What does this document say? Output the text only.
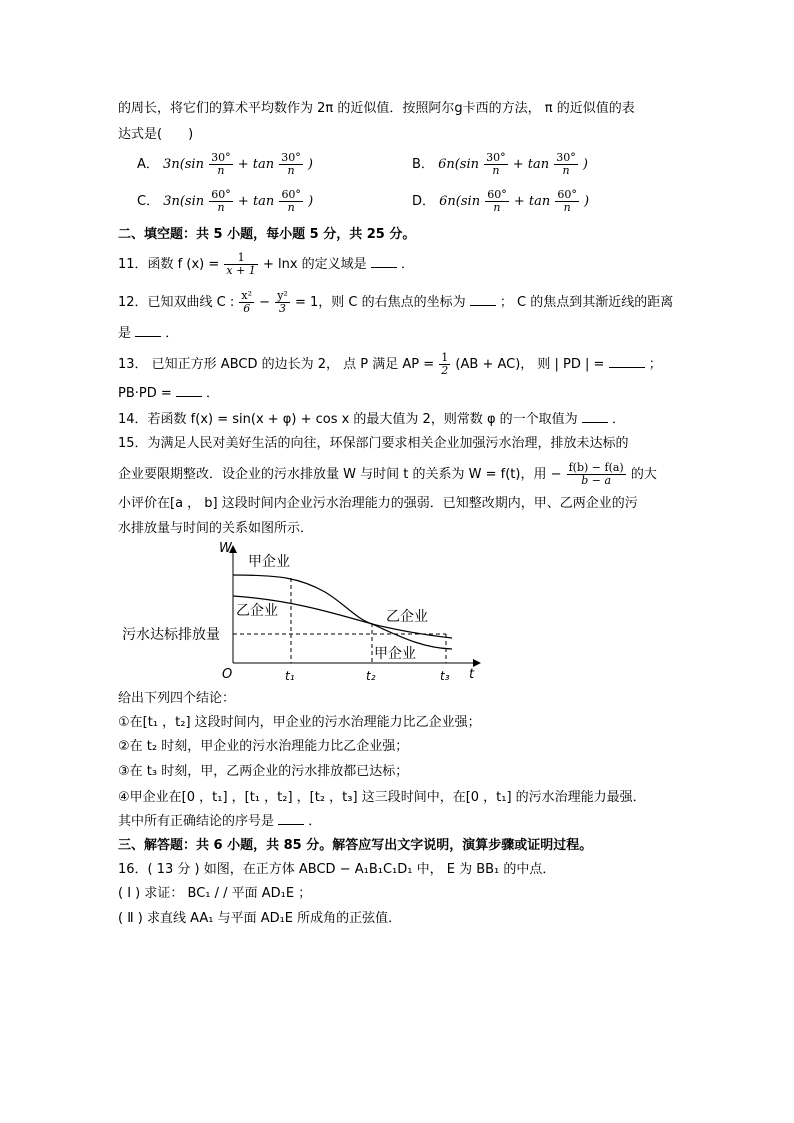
的周长，将它们的算术平均数作为 2π 的近似值．按照阿尔g卡西的方法， π 的近似值的表
达式是(　　)
A． $3n(\sin \frac{30^\circ}{n} + \tan \frac{30^\circ}{n}$ )	B． $6n(\sin \frac{30^\circ}{n} + \tan \frac{30^\circ}{n}$ )
C． $3n(\sin \frac{60^\circ}{n} + \tan \frac{60^\circ}{n}$ )	D． $6n(\sin \frac{60^\circ}{n} + \tan \frac{60^\circ}{n}$ )
二、填空题：共 5 小题，每小题 5 分，共 25 分。
11．函数 f $(x) = \frac{1}{x + 1} + \ln x$ 的定义域是	．
12．已知双曲线 C : $\frac{\text{x²}}{6} - \frac{\text{y²}}{3} = 1$，则 C 的右焦点的坐标为	； C 的焦点到其渐近线的距离
是	．
13． 已知正方形 ABCD 的边长为 2， 点 P 满足 AP = $\frac{1}{2} (AB + AC)$， 则 | PD | =	；
PB·PD =	．
14．若函数 f(x) = sin(x + φ) + cos x 的最大值为 2，则常数 φ 的一个取值为	．
15．为满足人民对美好生活的向往，环保部门要求相关企业加强污水治理，排放未达标的
企业要限期整改．设企业的污水排放量 W 与时间 t 的关系为 W = f(t)，用 − $\frac{f(b) - f(a)}{b - a}$ 的大
小评价在[a ， b] 这段时间内企业污水治理能力的强弱．已知整改期内，甲、乙两企业的污
水排放量与时间的关系如图所示．
W
t
O
甲企业
乙企业	乙企业
甲企业
污水达标排放量
t₁	t₂	t₃
给出下列四个结论：
①在[t₁ ，t₂] 这段时间内，甲企业的污水治理能力比乙企业强；
②在 t₂ 时刻，甲企业的污水治理能力比乙企业强；
③在 t₃ 时刻，甲，乙两企业的污水排放都已达标；
④甲企业在[0 ，t₁] ，[t₁ ，t₂] ，[t₂ ，t₃] 这三段时间中，在[0 ，t₁] 的污水治理能力最强．
其中所有正确结论的序号是	．
三、解答题：共 6 小题，共 85 分。解答应写出文字说明，演算步骤或证明过程。
16．( 13 分 ) 如图，在正方体 ABCD − A₁B₁C₁D₁ 中， E 为 BB₁ 的中点．
( Ⅰ ) 求证： BC₁ / / 平面 AD₁E ；
( Ⅱ ) 求直线 AA₁ 与平面 AD₁E 所成角的正弦值．
